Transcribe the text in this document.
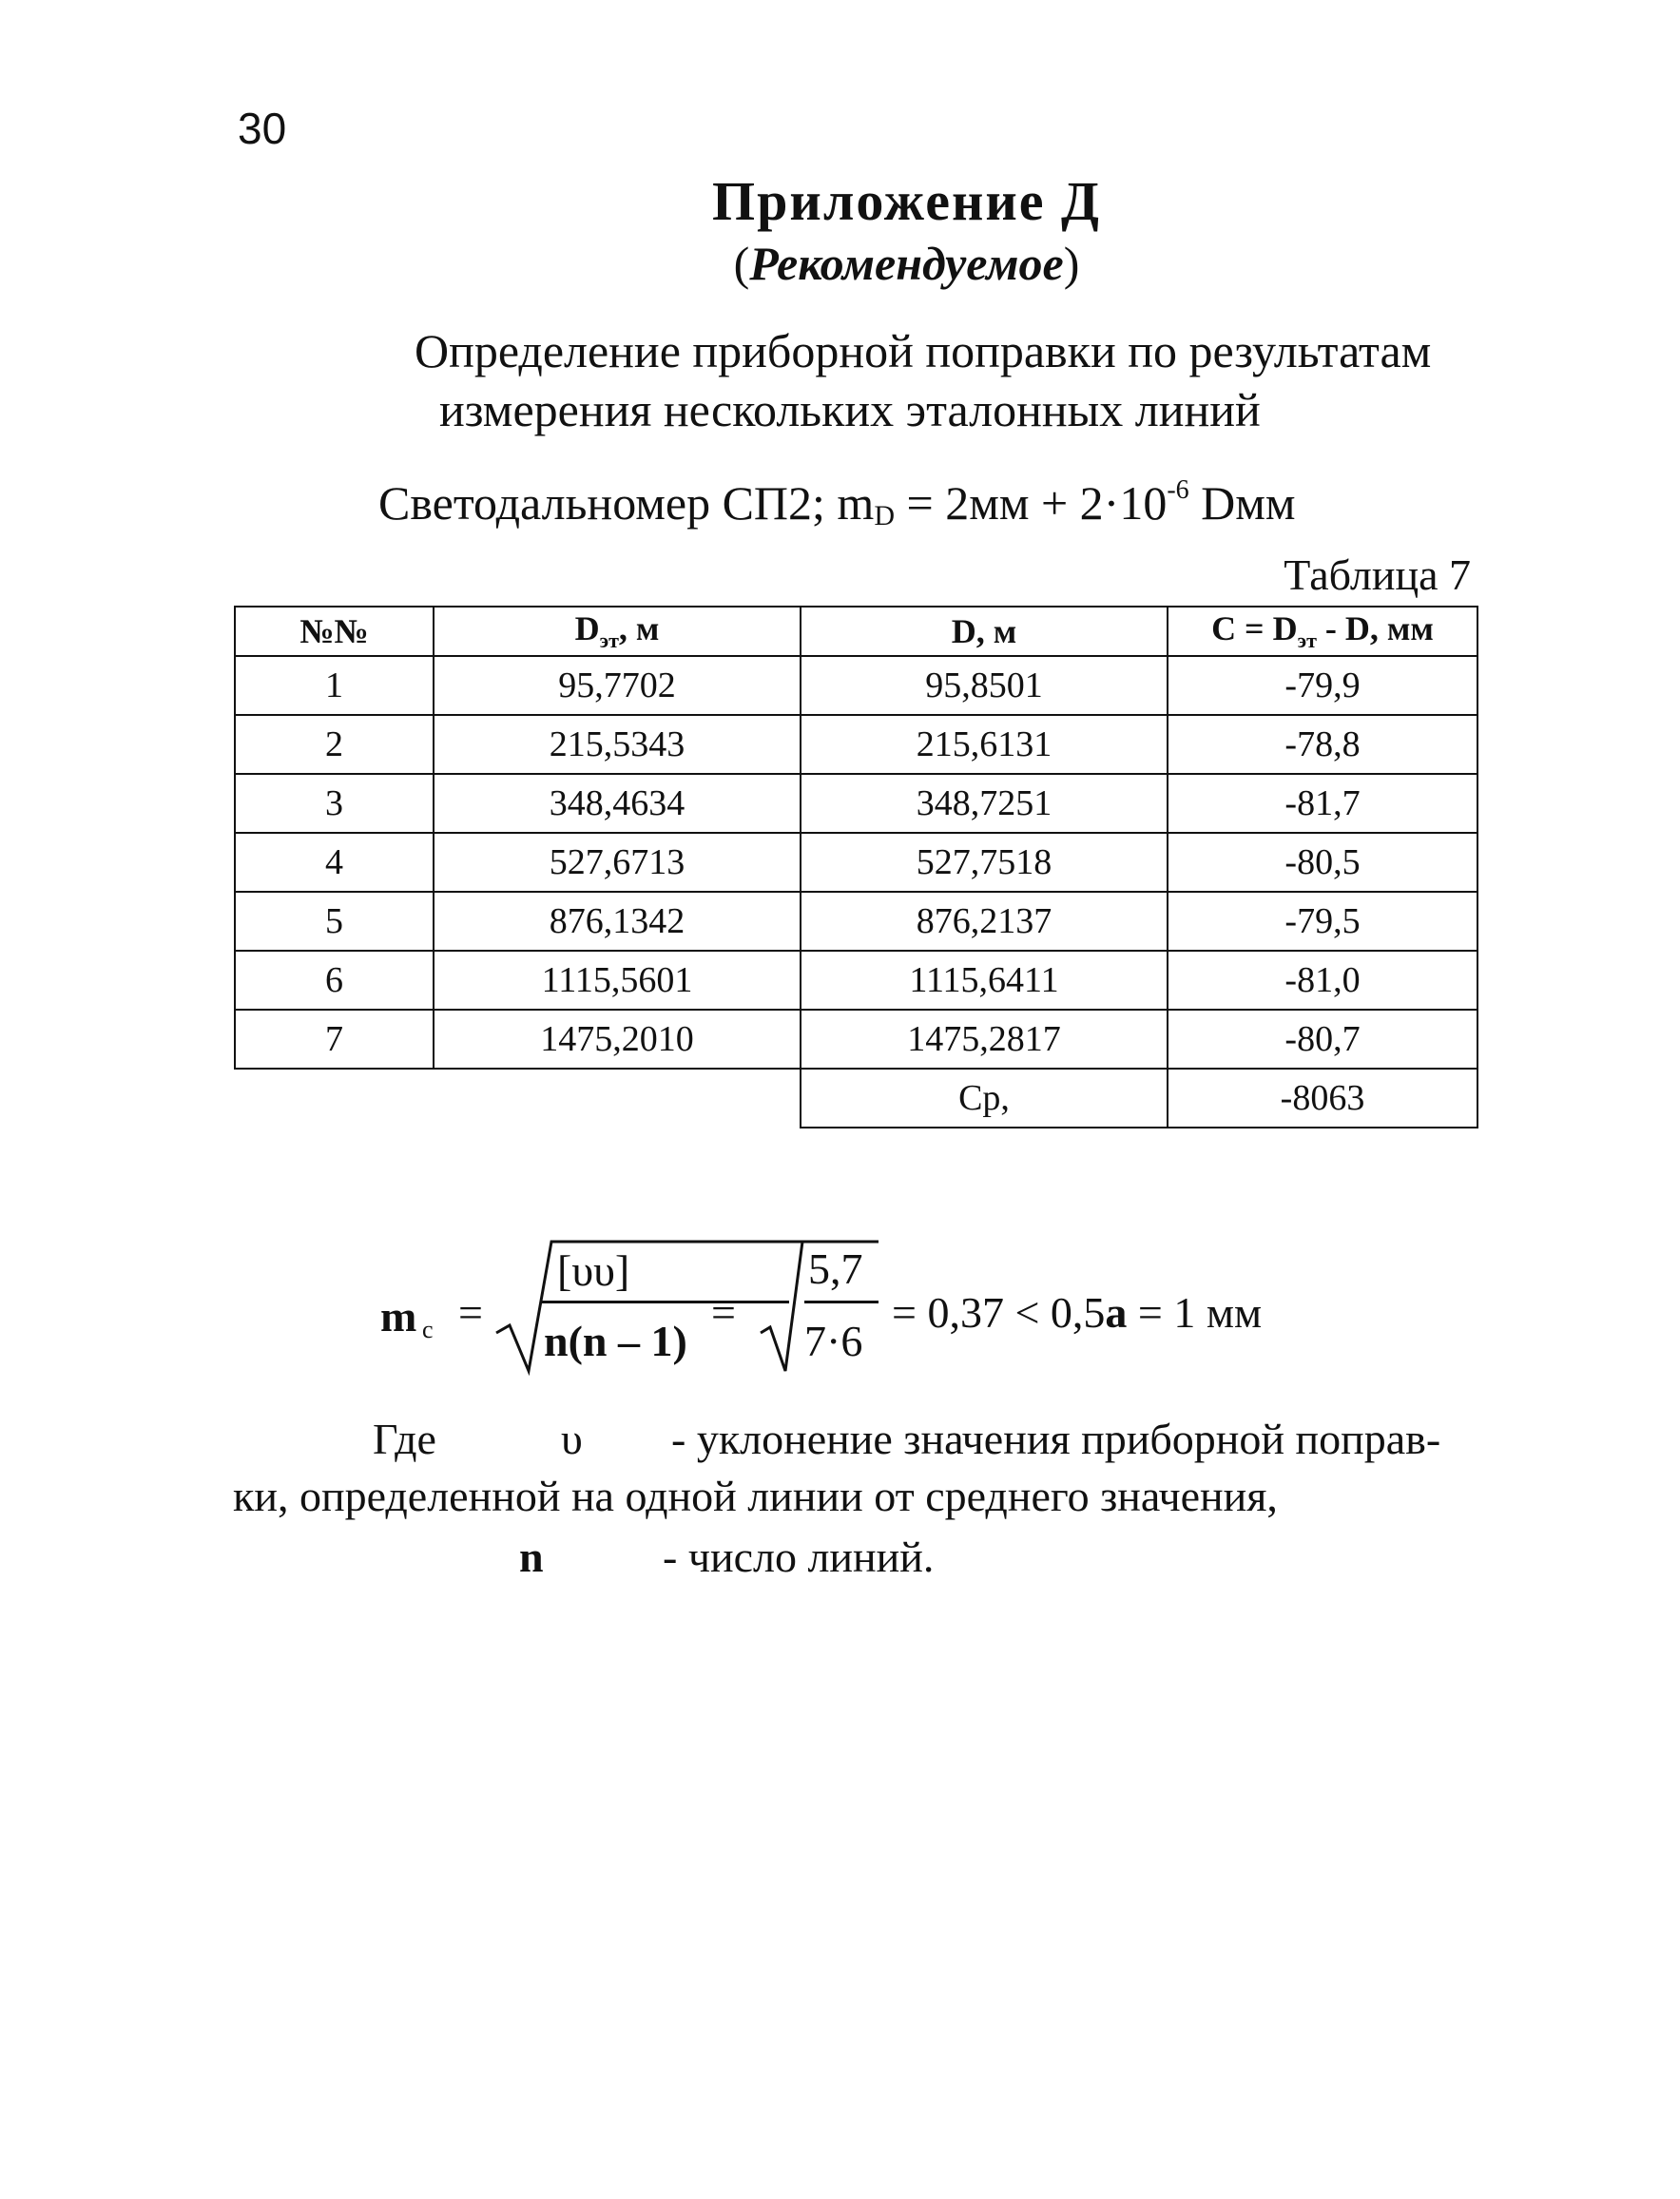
30
Приложение Д
(Рекомендуемое)
Определение приборной поправки по результатам
измерения нескольких эталонных линий
Светодальномер СП2; $m_D = 2мм + 2\cdot 10^{-6}$ Dмм
Таблица 7
№№	$D_{эт}$, м	D, м	$C = D_{эт} - D$, мм
1	95,7702	95,8501	-79,9
2	215,5343	215,6131	-78,8
3	348,4634	348,7251	-81,7
4	527,6713	527,7518	-80,5
5	876,1342	876,2137	-79,5
6	1115,5601	1115,6411	-81,0
7	1475,2010	1475,2817	-80,7
		Ср,	-8063
m c =
[υυ]
n(n – 1)
=
5,7
7·6
= 0,37 < 0,5a = 1 мм
Где	υ - уклонение значения приборной поправ-
ки, определенной на одной линии от среднего значения,
n	- число линий.
